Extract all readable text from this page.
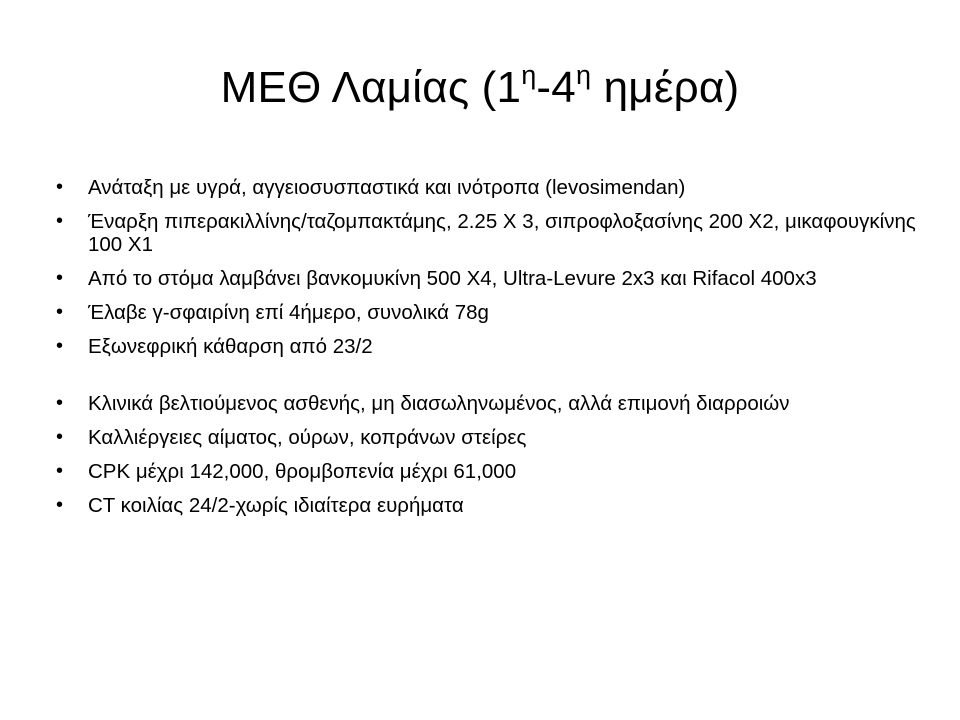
ΜΕΘ Λαμίας ($1^\eta-4^\eta$ ημέρα)
• Ανάταξη με υγρά, αγγειοσυσπαστικά και ινότροπα (levosimendan)
• Έναρξη πιπερακιλλίνης/ταζομπακτάμης, 2.25 Χ 3, σιπροφλοξασίνης 200 Χ2, μικαφουγκίνης 100 Χ1
• Από το στόμα λαμβάνει βανκομυκίνη 500 Χ4, Ultra-Levure 2x3 και Rifacol 400x3
• Έλαβε γ-σφαιρίνη επί 4ήμερο, συνολικά 78g
• Εξωνεφρική κάθαρση από 23/2
• Κλινικά βελτιούμενος ασθενής, μη διασωληνωμένος, αλλά επιμονή διαρροιών
• Καλλιέργειες αίματος, ούρων, κοπράνων στείρες
• CPK μέχρι 142,000, θρομβοπενία μέχρι 61,000
• CT κοιλίας 24/2-χωρίς ιδιαίτερα ευρήματα
